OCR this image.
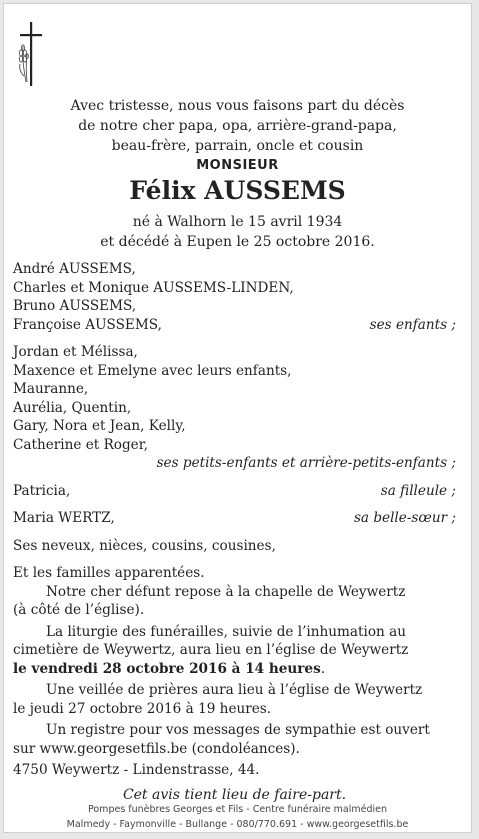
Avec tristesse, nous vous faisons part du décès
de notre cher papa, opa, arrière-grand-papa,
beau-frère, parrain, oncle et cousin
MONSIEUR
Félix AUSSEMS
né à Walhorn le 15 avril 1934
et décédé à Eupen le 25 octobre 2016.
André AUSSEMS,
Charles et Monique AUSSEMS-LINDEN,
Bruno AUSSEMS,
Françoise AUSSEMS,	ses enfants ;
Jordan et Mélissa,
Maxence et Emelyne avec leurs enfants,
Mauranne,
Aurélia, Quentin,
Gary, Nora et Jean, Kelly,
Catherine et Roger,
ses petits-enfants et arrière-petits-enfants ;
Patricia,	sa filleule ;
Maria WERTZ,	sa belle-sœur ;
Ses neveux, nièces, cousins, cousines,
Et les familles apparentées.
Notre cher défunt repose à la chapelle de Weywertz
(à côté de l’église).
La liturgie des funérailles, suivie de l’inhumation au
cimetière de Weywertz, aura lieu en l’église de Weywertz
le vendredi 28 octobre 2016 à 14 heures.
Une veillée de prières aura lieu à l’église de Weywertz
le jeudi 27 octobre 2016 à 19 heures.
Un registre pour vos messages de sympathie est ouvert
sur www.georgesetfils.be (condoléances).
4750 Weywertz - Lindenstrasse, 44.
Cet avis tient lieu de faire-part.
Pompes funèbres Georges et Fils - Centre funéraire malmédien
Malmedy - Faymonville - Bullange - 080/770.691 - www.georgesetfils.be
